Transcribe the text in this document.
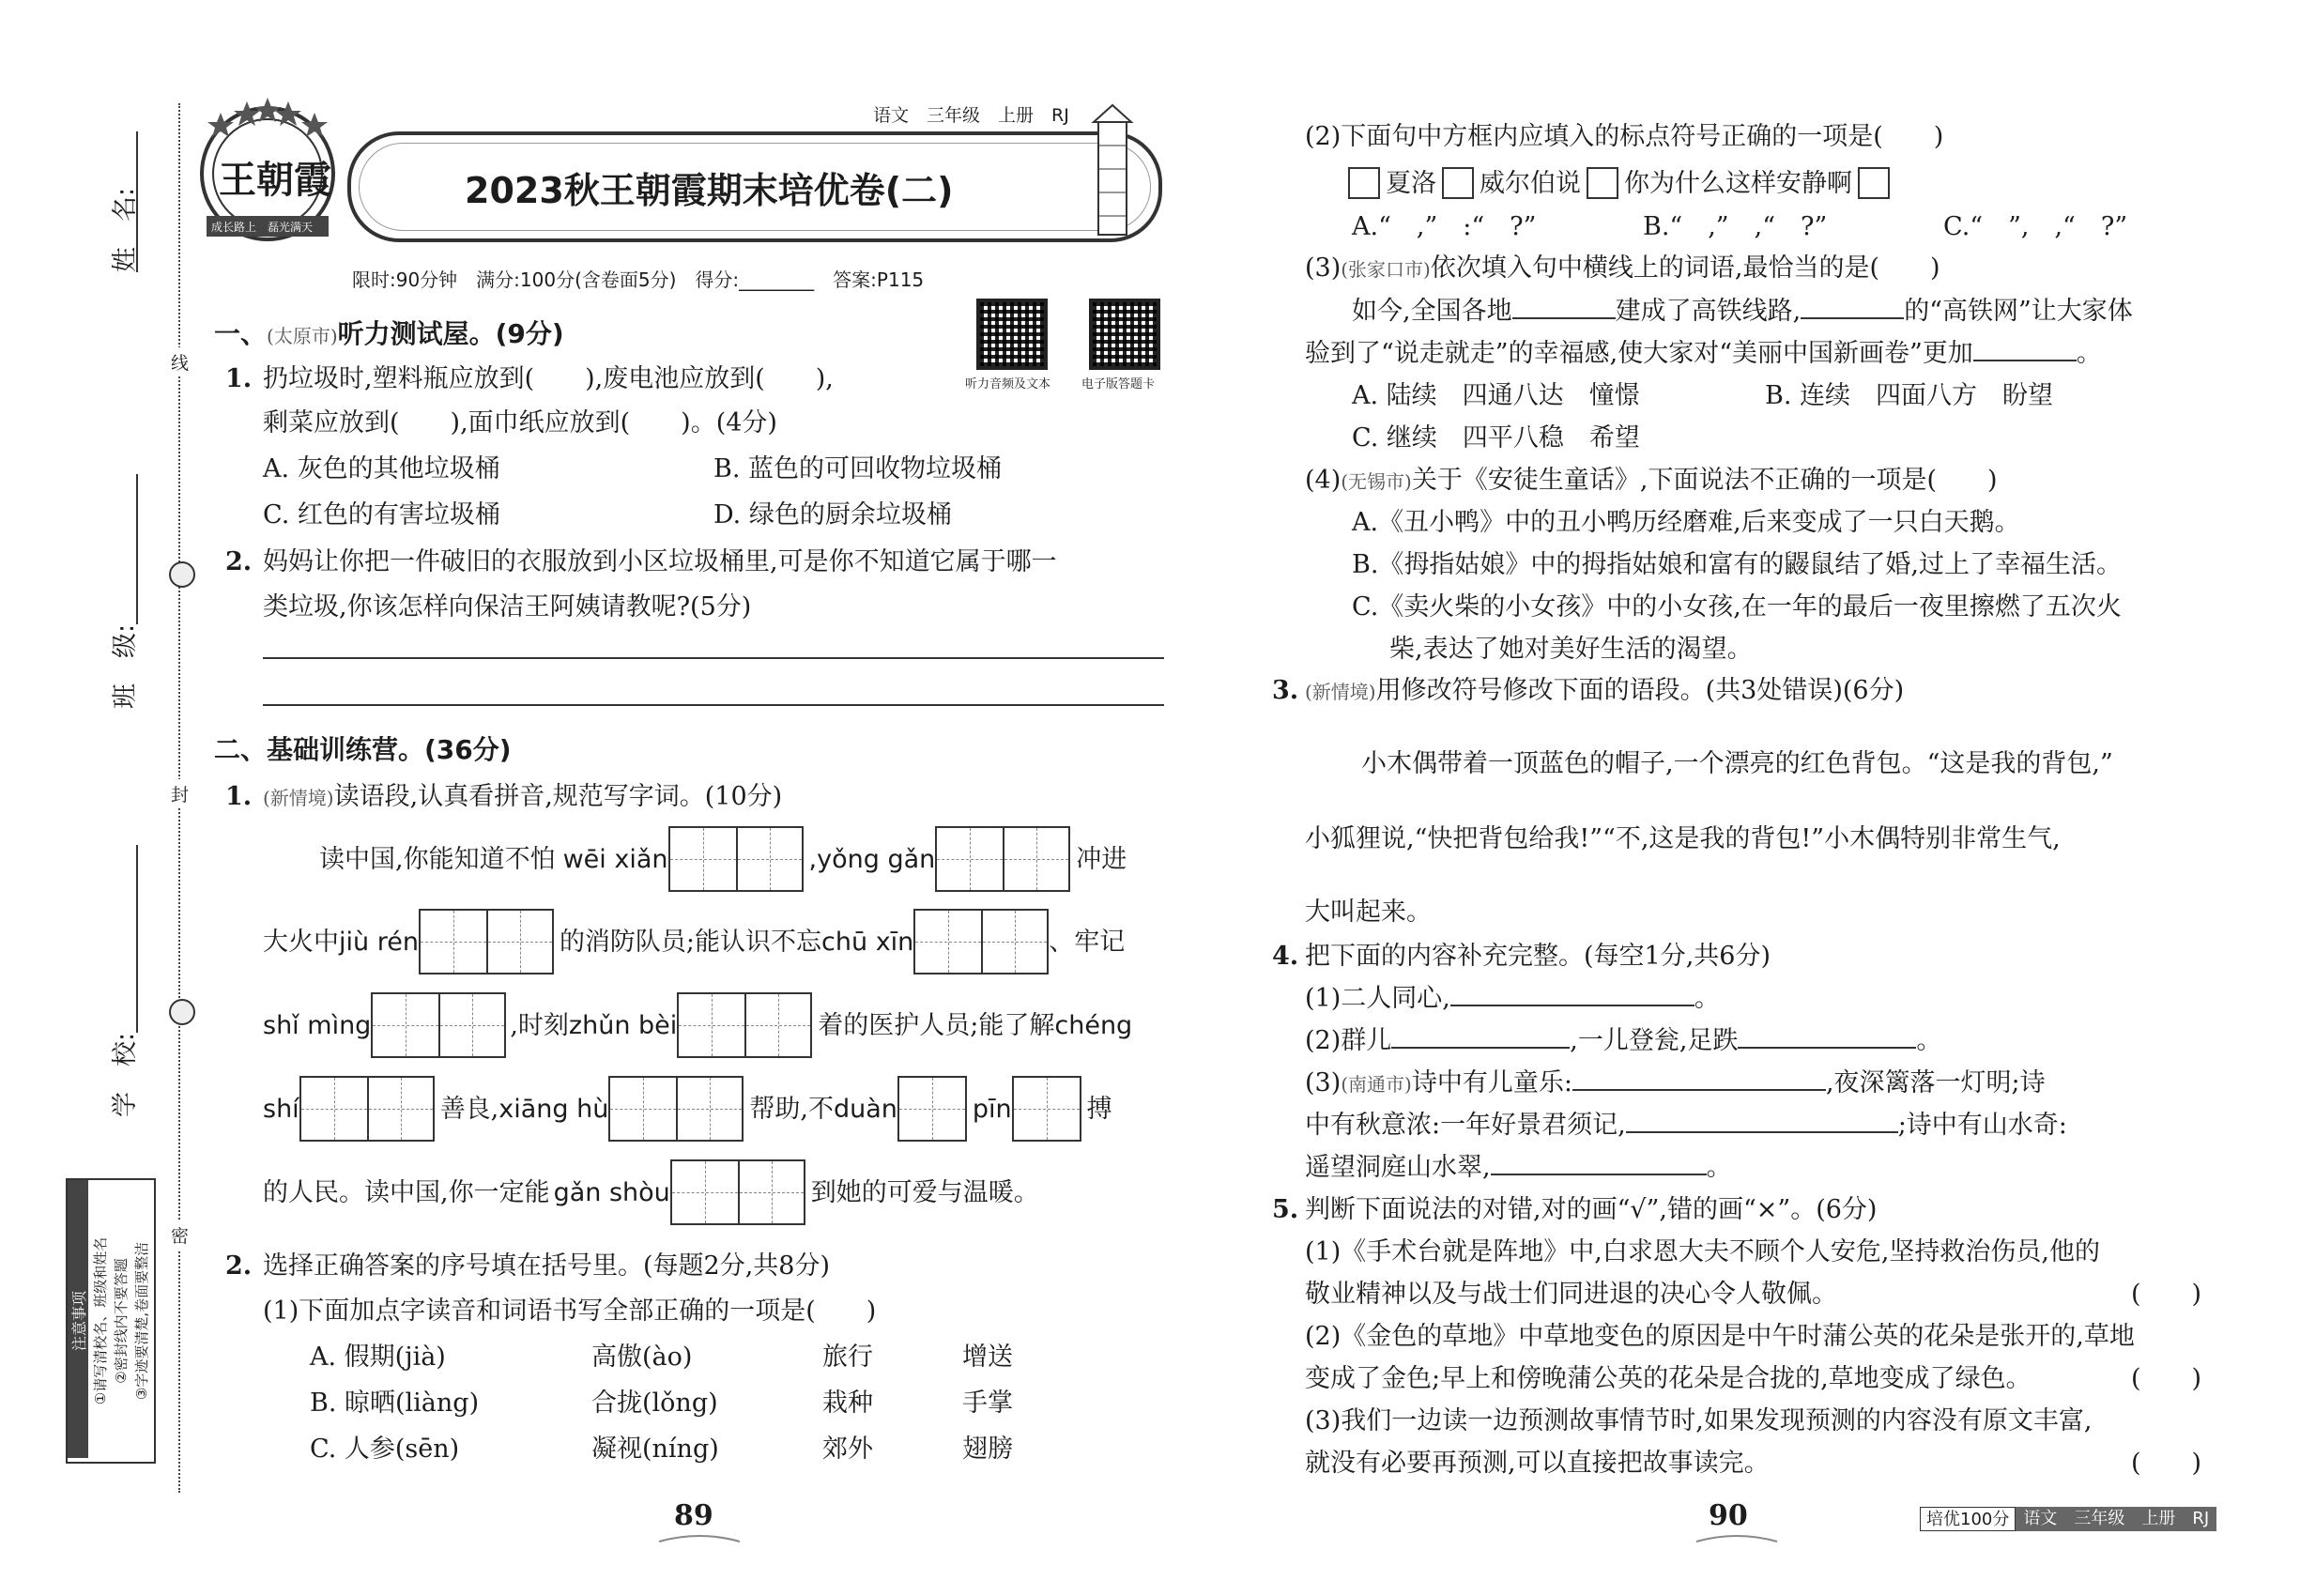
姓　名:
班　级:
学　校:
线
封
密
注意事项 ①请写清校名、班级和姓名 ②密封线内不要答题 ③字迹要清楚,卷面要整洁
语文　三年级　上册　RJ
王朝霞
成长路上　磊光满天
2023秋王朝霞期末培优卷(二)
限时:90分钟　满分:100分(含卷面5分)　得分:________　答案:P115
听力音频及文本	电子版答题卡
一、(太原市)听力测试屋。(9分)
1. 扔垃圾时,塑料瓶应放到(　　),废电池应放到(　　),
剩菜应放到(　　),面巾纸应放到(　　)。(4分)
A. 灰色的其他垃圾桶	B. 蓝色的可回收物垃圾桶
C. 红色的有害垃圾桶	D. 绿色的厨余垃圾桶
2. 妈妈让你把一件破旧的衣服放到小区垃圾桶里,可是你不知道它属于哪一
类垃圾,你该怎样向保洁王阿姨请教呢?(5分)
二、基础训练营。(36分)
1. (新情境)读语段,认真看拼音,规范写字词。(10分)
读中国,你能知道不怕 wēi xiǎn	, yǒng gǎn	冲进
大火中 jiù rén	的消防队员;能认识不忘 chū xīn	、牢记
shǐ mìng	,时刻 zhǔn bèi	着的医护人员;能了解 chéng
shí	善良, xiāng hù	帮助,不 duàn	pīn	搏
的人民。读中国,你一定能 gǎn shòu	到她的可爱与温暖。
2. 选择正确答案的序号填在括号里。(每题2分,共8分)
(1)下面加点字读音和词语书写全部正确的一项是(　　)
A. 假期(jià)	高傲(ào)	旅行	增送
B. 晾晒(liàng)	合拢(lǒng)	栽种	手掌
C. 人参(sēn)	凝视(níng)	郊外	翅膀
89
(2)下面句中方框内应填入的标点符号正确的一项是(　　)
夏洛 威尔伯说 你为什么这样安静啊
A.“　,”　:“　?”	B.“　,”　,“　?”	C.“　”,　,“　?”
(3)(张家口市)依次填入句中横线上的词语,最恰当的是(　　)
如今,全国各地	建成了高铁线路,	的“高铁网”让大家体
验到了“说走就走”的幸福感,使大家对“美丽中国新画卷”更加	。
A. 陆续　四通八达　憧憬	B. 连续　四面八方　盼望
C. 继续　四平八稳　希望
(4)(无锡市)关于《安徒生童话》,下面说法不正确的一项是(　　)
A.《丑小鸭》中的丑小鸭历经磨难,后来变成了一只白天鹅。
B.《拇指姑娘》中的拇指姑娘和富有的鼹鼠结了婚,过上了幸福生活。
C.《卖火柴的小女孩》中的小女孩,在一年的最后一夜里擦燃了五次火
柴,表达了她对美好生活的渴望。
3. (新情境)用修改符号修改下面的语段。(共3处错误)(6分)
小木偶带着一顶蓝色的帽子,一个漂亮的红色背包。“这是我的背包,”
小狐狸说,“快把背包给我!”“不,这是我的背包!”小木偶特别非常生气,
大叫起来。
4. 把下面的内容补充完整。(每空1分,共6分)
(1)二人同心,	。
(2)群儿	,一儿登瓮,足跌	。
(3)(南通市)诗中有儿童乐:	,夜深篱落一灯明;诗
中有秋意浓:一年好景君须记,	;诗中有山水奇:
遥望洞庭山水翠,	。
5. 判断下面说法的对错,对的画“√”,错的画“×”。(6分)
(1)《手术台就是阵地》中,白求恩大夫不顾个人安危,坚持救治伤员,他的
敬业精神以及与战士们同进退的决心令人敬佩。	(　　)
(2)《金色的草地》中草地变色的原因是中午时蒲公英的花朵是张开的,草地
变成了金色;早上和傍晚蒲公英的花朵是合拢的,草地变成了绿色。	(　　)
(3)我们一边读一边预测故事情节时,如果发现预测的内容没有原文丰富,
就没有必要再预测,可以直接把故事读完。	(　　)
90	培优100分 语文　三年级　上册　RJ
